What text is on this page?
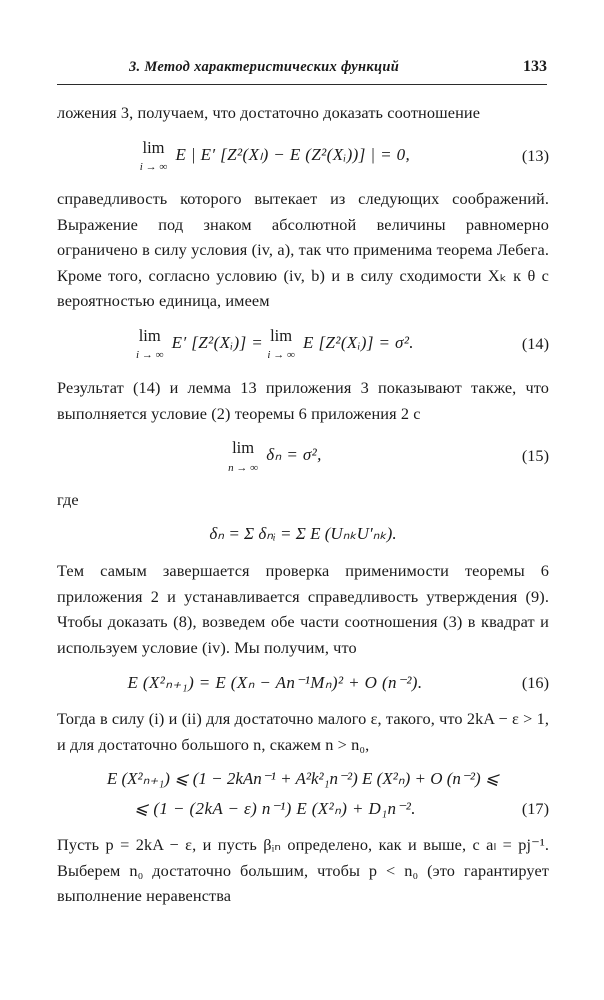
3. Метод характеристических функций	133

ложения 3, получаем, что достаточно доказать соотношение

lim
i → ∞ E | E′ [Z²(Xₗ) − E (Z²(Xᵢ))] | = 0,	(13)

справедливость которого вытекает из следующих соображений. Выражение под знаком абсолютной величины равномерно ограничено в силу условия (iv, a), так что применима теорема Лебега. Кроме того, согласно условию (iv, b) и в силу сходимости Xₖ к θ с вероятностью единица, имеем

lim
i → ∞ E′ [Z²(Xᵢ)] = lim
i → ∞ E [Z²(Xᵢ)] = σ².	(14)

Результат (14) и лемма 13 приложения 3 показывают также, что выполняется условие (2) теоремы 6 приложения 2 с

lim
n → ∞ δₙ = σ²,	(15)

где

δₙ = Σ δₙᵢ = Σ E (UₙₖU′ₙₖ).

Тем самым завершается проверка применимости теоремы 6 приложения 2 и устанавливается справедливость утверждения (9). Чтобы доказать (8), возведем обе части соотношения (3) в квадрат и используем условие (iv). Мы получим, что

E (X²ₙ₊₁) = E (Xₙ − An⁻¹Mₙ)² + O (n⁻²).	(16)

Тогда в силу (i) и (ii) для достаточно малого ε, такого, что 2kA − ε > 1, и для достаточно большого n, скажем n > n₀,

E (X²ₙ₊₁) ⩽ (1 − 2kAn⁻¹ + A²k²₁n⁻²) E (X²ₙ) + O (n⁻²) ⩽
⩽ (1 − (2kA − ε) n⁻¹) E (X²ₙ) + D₁n⁻².	(17)

Пусть p = 2kA − ε, и пусть βᵢₙ определено, как и выше, с aₗ = pj⁻¹. Выберем n₀ достаточно большим, чтобы p < n₀ (это гарантирует выполнение неравенства
